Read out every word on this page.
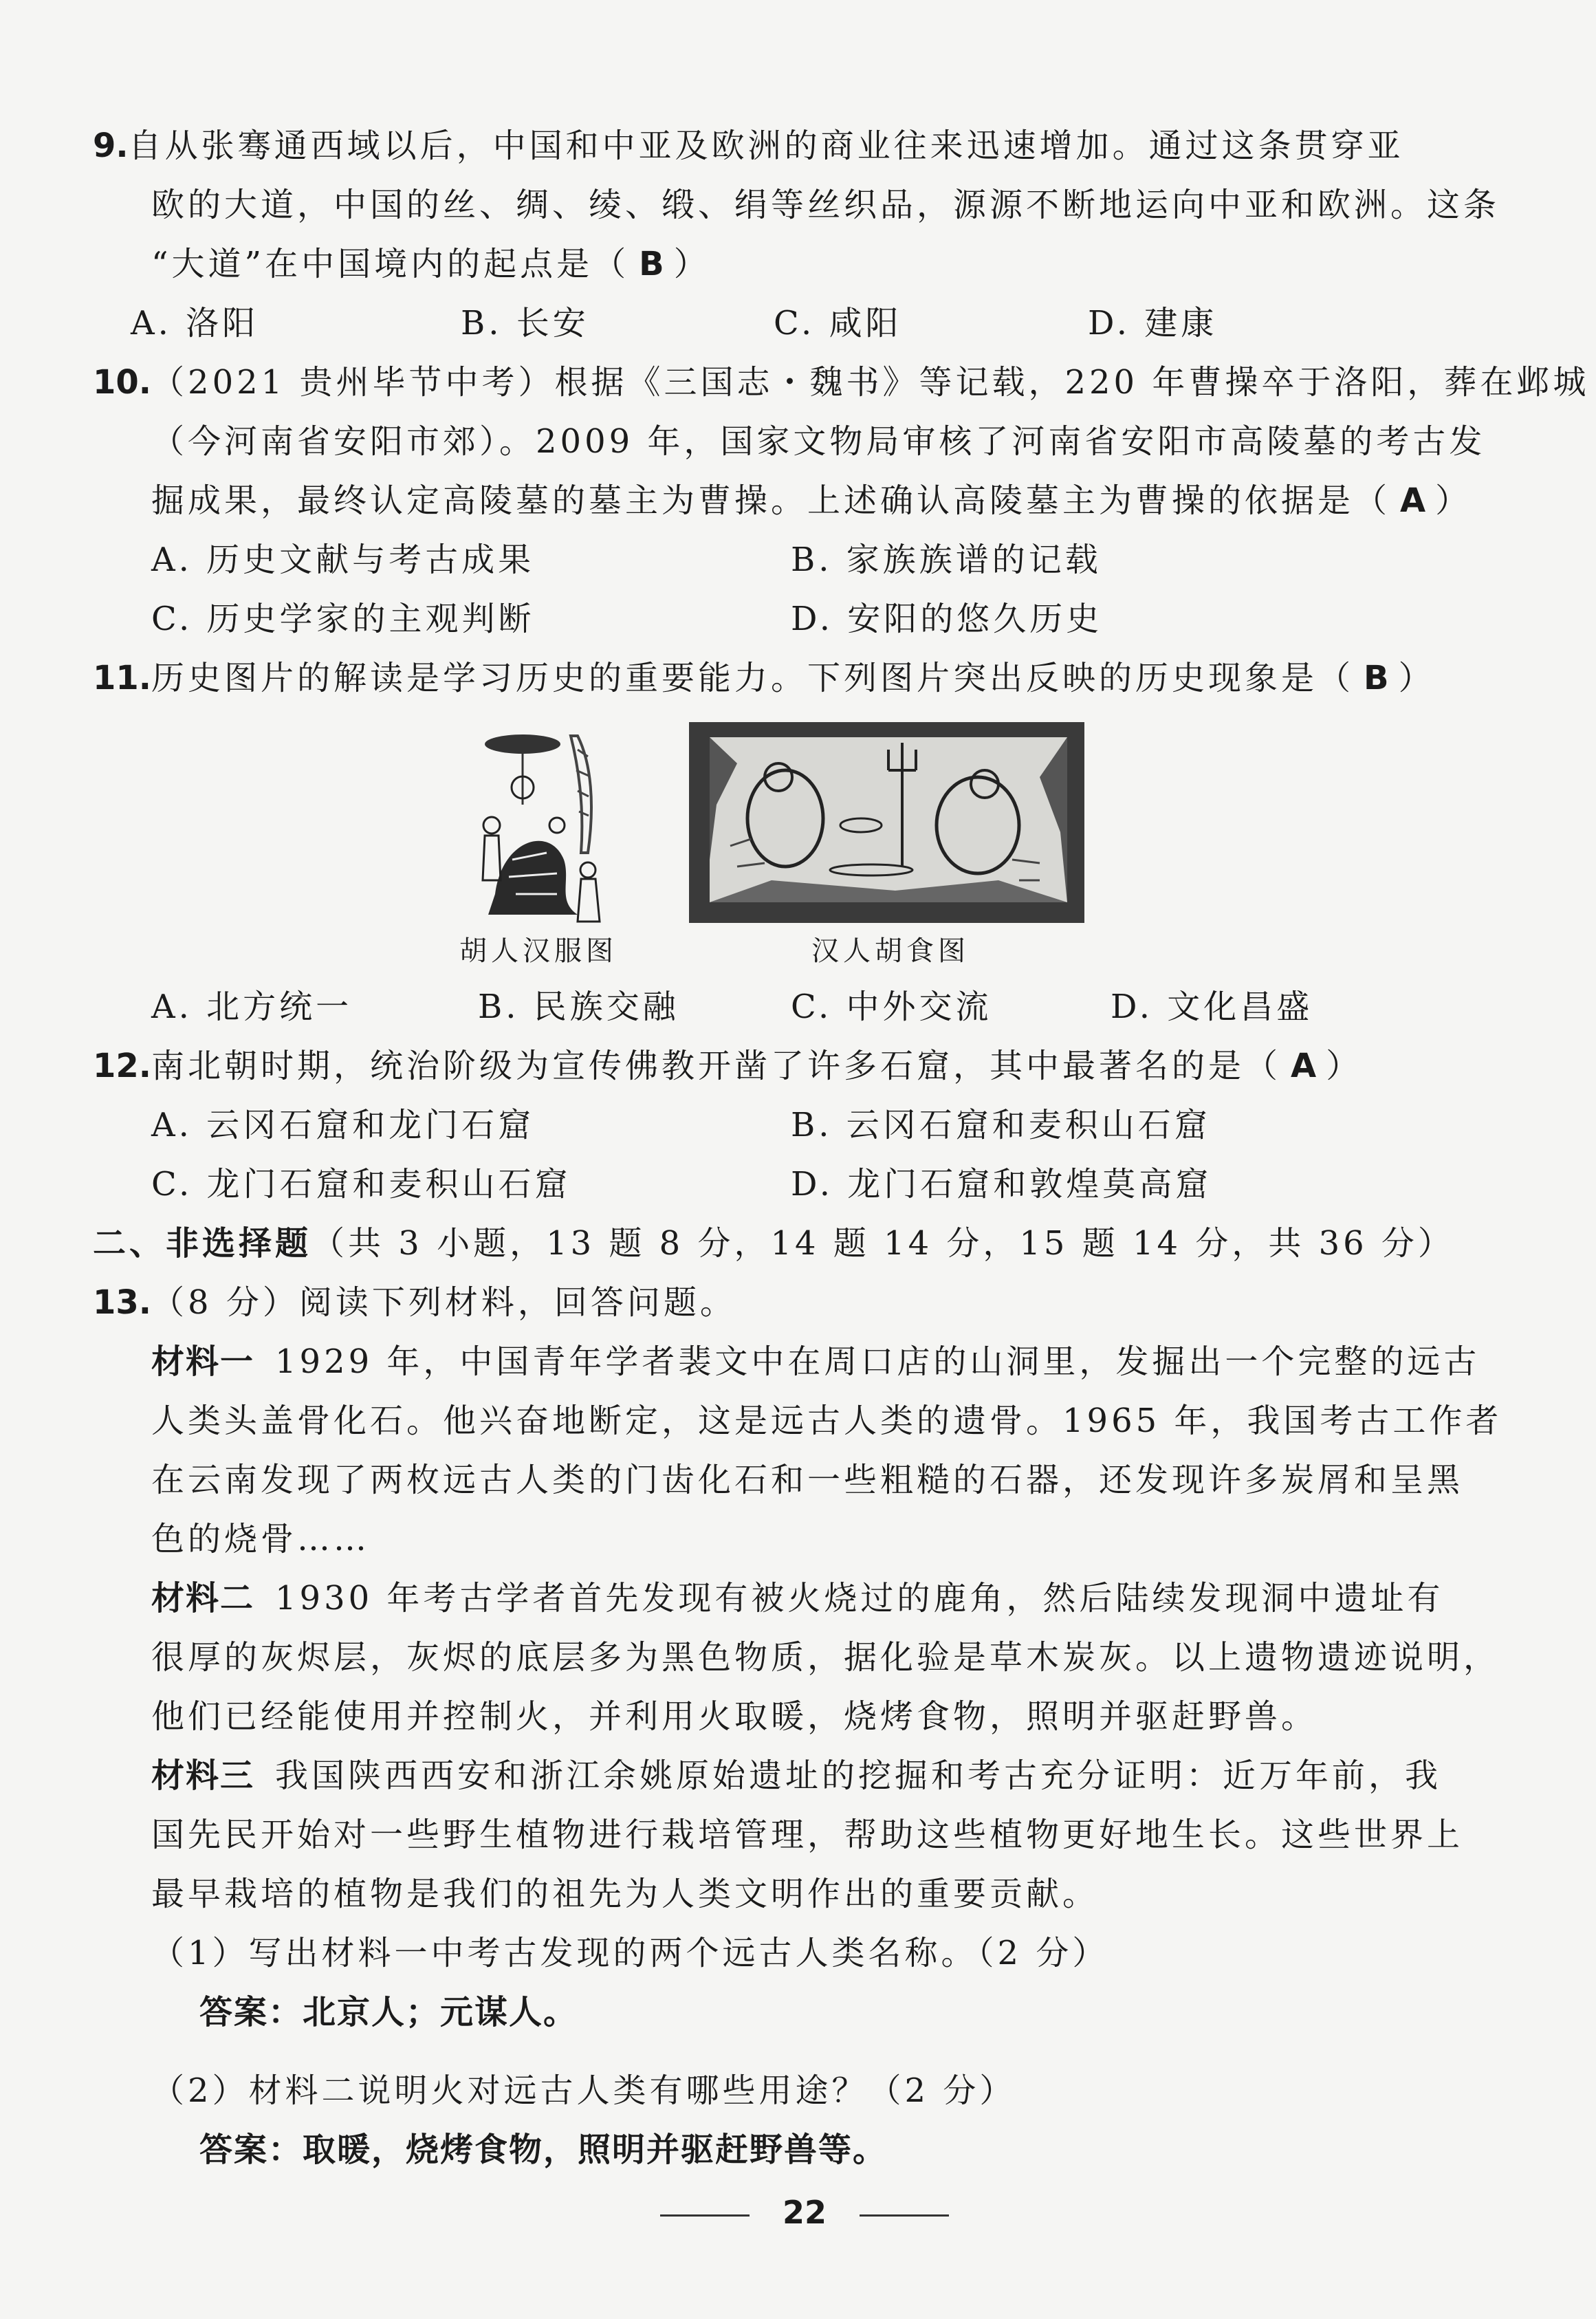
9.自从张骞通西域以后，中国和中亚及欧洲的商业往来迅速增加。通过这条贯穿亚
欧的大道，中国的丝、绸、绫、缎、绢等丝织品，源源不断地运向中亚和欧洲。这条
“大道”在中国境内的起点是（ B ）
A. 洛阳	B. 长安	C. 咸阳	D. 建康
10.（2021 贵州毕节中考）根据《三国志・魏书》等记载，220 年曹操卒于洛阳，葬在邺城
（今河南省安阳市郊）。2009 年，国家文物局审核了河南省安阳市高陵墓的考古发
掘成果，最终认定高陵墓的墓主为曹操。上述确认高陵墓主为曹操的依据是（ A ）
A. 历史文献与考古成果	B. 家族族谱的记载
C. 历史学家的主观判断	D. 安阳的悠久历史
11.历史图片的解读是学习历史的重要能力。下列图片突出反映的历史现象是（ B ）
胡人汉服图	汉人胡食图
A. 北方统一	B. 民族交融	C. 中外交流	D. 文化昌盛
12.南北朝时期，统治阶级为宣传佛教开凿了许多石窟，其中最著名的是（ A ）
A. 云冈石窟和龙门石窟	B. 云冈石窟和麦积山石窟
C. 龙门石窟和麦积山石窟	D. 龙门石窟和敦煌莫高窟
二、非选择题（共 3 小题，13 题 8 分，14 题 14 分，15 题 14 分，共 36 分）
13.（8 分）阅读下列材料，回答问题。
材料一 1929 年，中国青年学者裴文中在周口店的山洞里，发掘出一个完整的远古
人类头盖骨化石。他兴奋地断定，这是远古人类的遗骨。1965 年，我国考古工作者
在云南发现了两枚远古人类的门齿化石和一些粗糙的石器，还发现许多炭屑和呈黑
色的烧骨……
材料二 1930 年考古学者首先发现有被火烧过的鹿角，然后陆续发现洞中遗址有
很厚的灰烬层，灰烬的底层多为黑色物质，据化验是草木炭灰。以上遗物遗迹说明，
他们已经能使用并控制火，并利用火取暖，烧烤食物，照明并驱赶野兽。
材料三 我国陕西西安和浙江余姚原始遗址的挖掘和考古充分证明：近万年前，我
国先民开始对一些野生植物进行栽培管理，帮助这些植物更好地生长。这些世界上
最早栽培的植物是我们的祖先为人类文明作出的重要贡献。
（1）写出材料一中考古发现的两个远古人类名称。（2 分）
答案：北京人；元谋人。
（2）材料二说明火对远古人类有哪些用途？（2 分）
答案：取暖，烧烤食物，照明并驱赶野兽等。
22
